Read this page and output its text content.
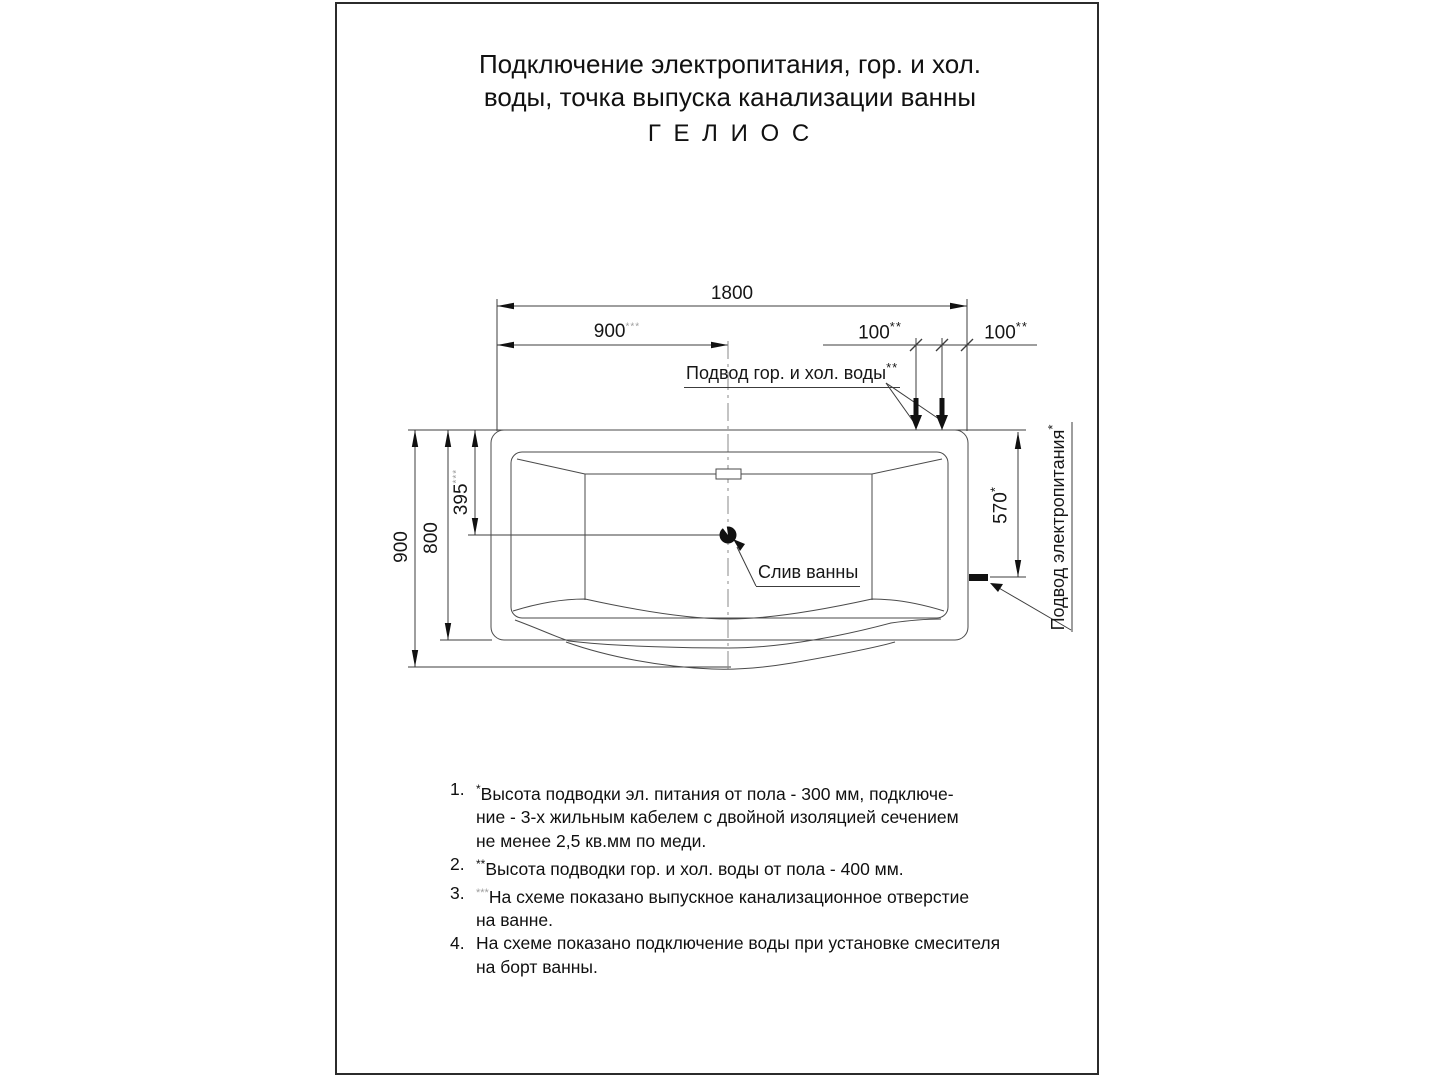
Подключение электропитания, гор. и хол.
воды, точка выпуска канализации ванны
Г Е Л И О С
1800
900***	100**	100**
900 800
395***
570*
Подвод гор. и хол. воды**
Слив ванны	Подвод электропитания*
1. *Высота подводки эл. питания от пола - 300 мм, подключе-
ние - 3-х жильным кабелем с двойной изоляцией сечением
не менее 2,5 кв.мм по меди.
2. **Высота подводки гор. и хол. воды от пола - 400 мм.
3.	***На схеме показано выпускное канализационное отверстие
на ванне.
4. На схеме показано подключение воды при установке смесителя
на борт ванны.
